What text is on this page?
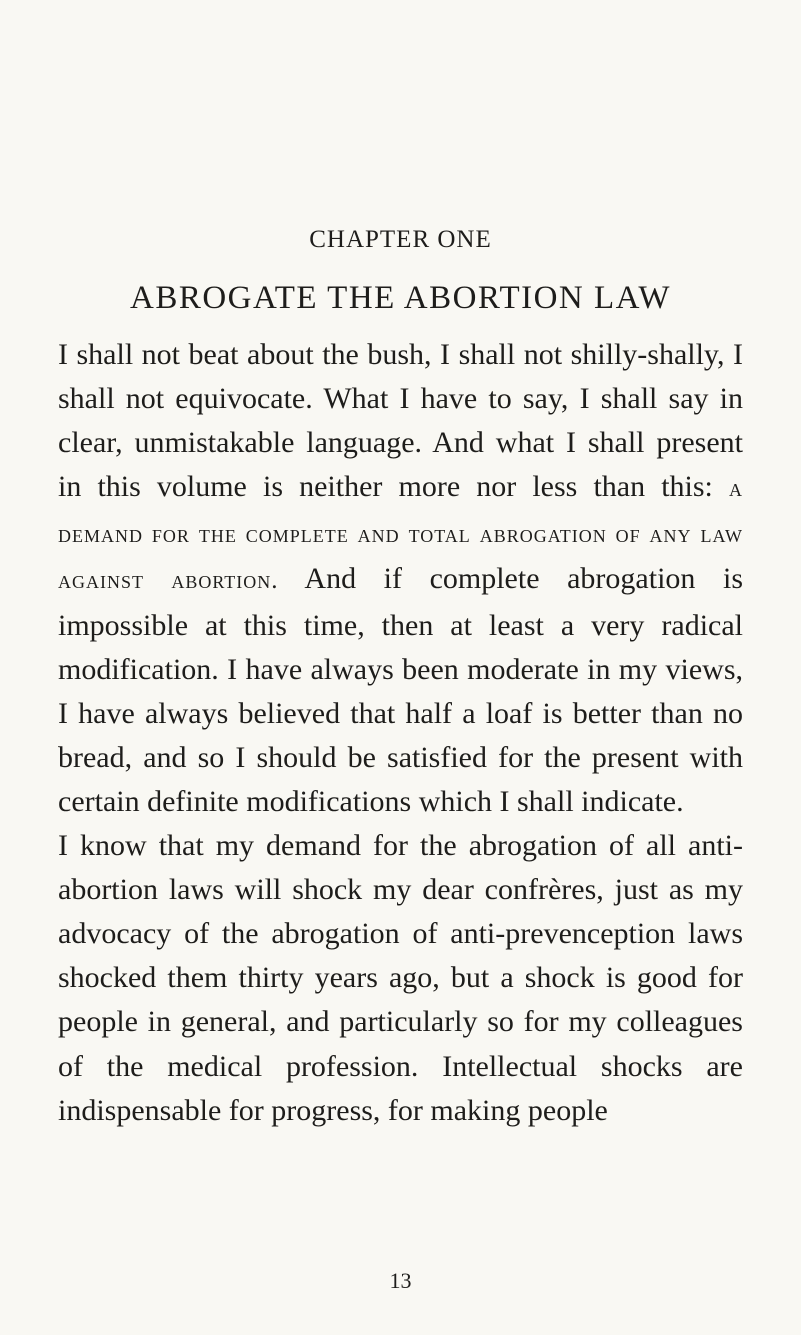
CHAPTER ONE
ABROGATE THE ABORTION LAW

I shall not beat about the bush, I shall not shilly-shally, I shall not equivocate. What I have to say, I shall say in clear, unmistakable language. And what I shall present in this volume is neither more nor less than this: a demand for the complete and total abrogation of any law against abortion. And if complete abrogation is impossible at this time, then at least a very radical modification. I have always been moderate in my views, I have always believed that half a loaf is better than no bread, and so I should be satisfied for the present with certain definite modifications which I shall indicate.

I know that my demand for the abrogation of all anti-abortion laws will shock my dear confrères, just as my advocacy of the abrogation of anti-prevenception laws shocked them thirty years ago, but a shock is good for people in general, and particularly so for my colleagues of the medical profession. Intellectual shocks are indispensable for progress, for making people

13
